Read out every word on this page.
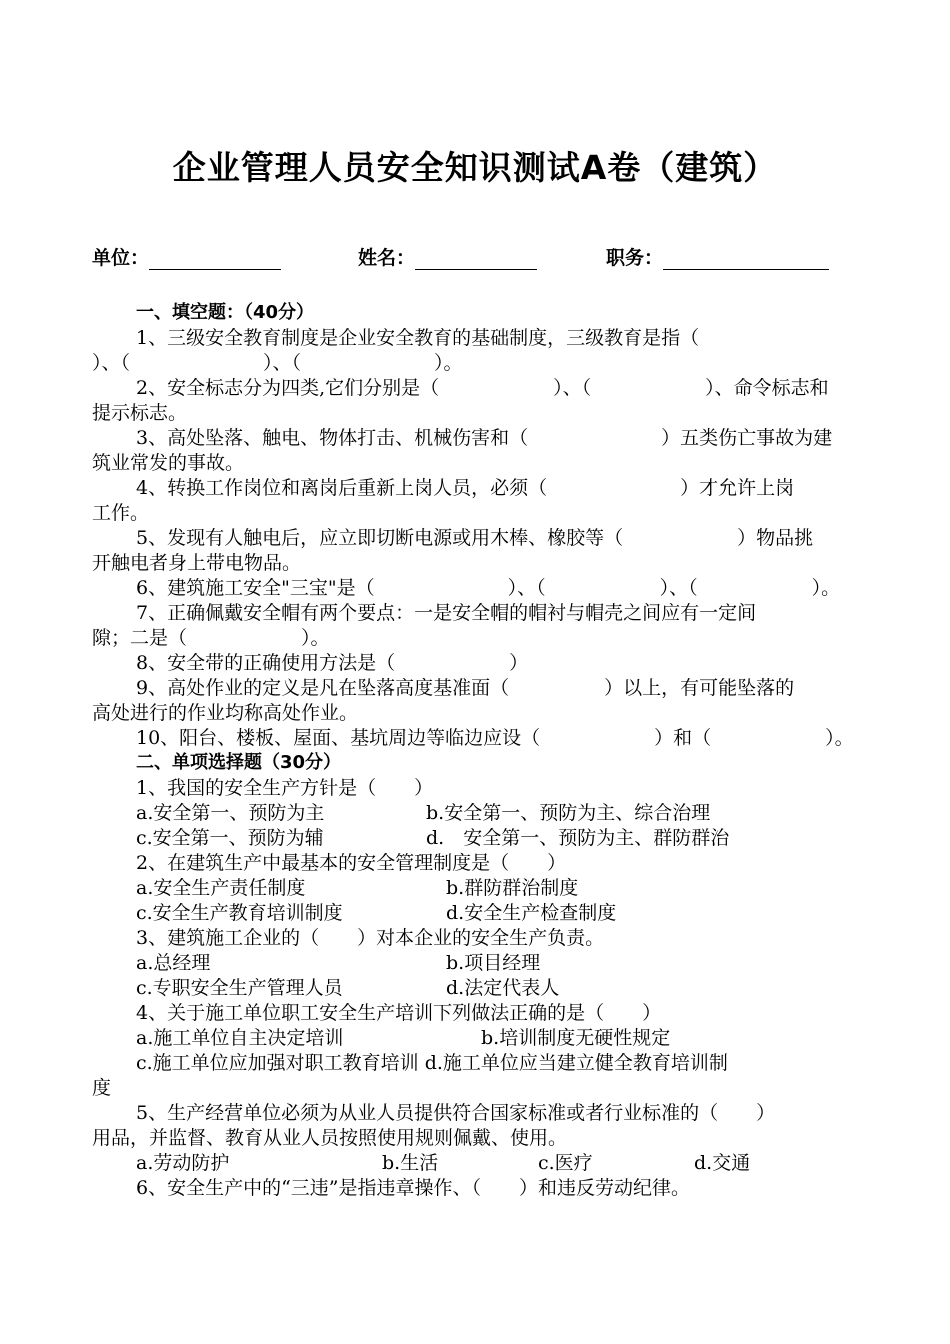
企业管理人员安全知识测试A卷（建筑）
单位：	姓名：	职务：
一、填空题：（40分）
1、三级安全教育制度是企业安全教育的基础制度，三级教育是指（
）、（　　　　　　　）、（　　　　　　　）。
2、安全标志分为四类,它们分别是（　　　　　　）、（　　　　　　）、命令标志和
提示标志。
3、高处坠落、触电、物体打击、机械伤害和（　　　　　　　）五类伤亡事故为建
筑业常发的事故。
4、转换工作岗位和离岗后重新上岗人员，必须（　　　　　　　）才允许上岗
工作。
5、发现有人触电后，应立即切断电源或用木棒、橡胶等（　　　　　　）物品挑
开触电者身上带电物品。
6、建筑施工安全"三宝"是（　　　　　　　）、（　　　　　　）、（　　　　　　）。
7、正确佩戴安全帽有两个要点：一是安全帽的帽衬与帽壳之间应有一定间
隙；二是（　　　　　　）。
8、安全带的正确使用方法是（　　　　　　）
9、高处作业的定义是凡在坠落高度基准面（　　　　　）以上，有可能坠落的
高处进行的作业均称高处作业。
10、阳台、楼板、屋面、基坑周边等临边应设（　　　　　　）和（　　　　　　）。
二、单项选择题（30分）
1、我国的安全生产方针是（　　）
a.安全第一、预防为主	b.安全第一、预防为主、综合治理
c.安全第一、预防为辅	d.　安全第一、预防为主、群防群治
2、在建筑生产中最基本的安全管理制度是（　　）
a.安全生产责任制度	b.群防群治制度
c.安全生产教育培训制度	d.安全生产检查制度
3、建筑施工企业的（　　）对本企业的安全生产负责。
a.总经理	b.项目经理
c.专职安全生产管理人员	d.法定代表人
4、关于施工单位职工安全生产培训下列做法正确的是（　　）
a.施工单位自主决定培训	b.培训制度无硬性规定
c.施工单位应加强对职工教育培训 d.施工单位应当建立健全教育培训制
度
5、生产经营单位必须为从业人员提供符合国家标准或者行业标准的（　　）
用品，并监督、教育从业人员按照使用规则佩戴、使用。
a.劳动防护	b.生活	c.医疗	d.交通
6、安全生产中的“三违”是指违章操作、（　　）和违反劳动纪律。
